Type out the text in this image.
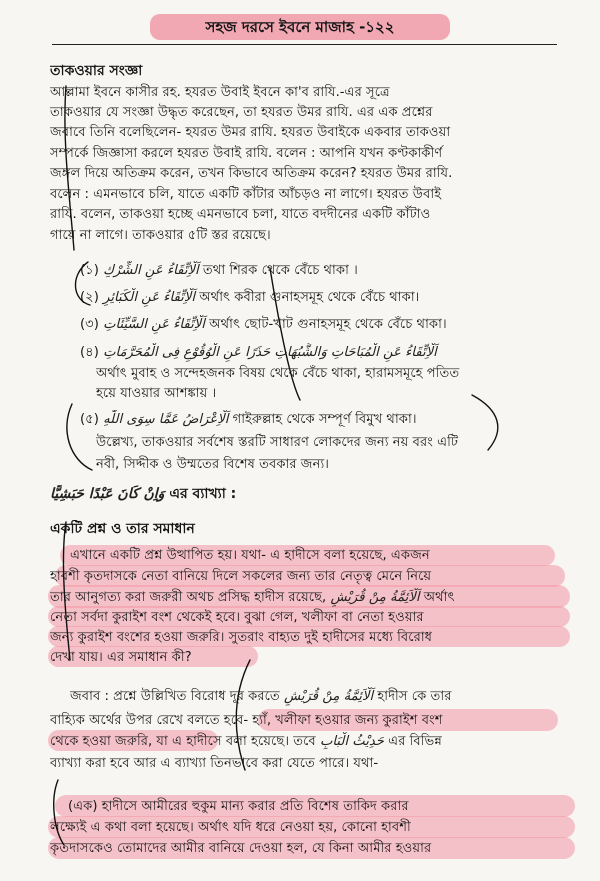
সহজ দরসে ইবনে মাজাহ -১২২
তাকওয়ার সংজ্ঞা
আল্লামা ইবনে কাসীর রহ. হযরত উবাই ইবনে কা'ব রাযি.-এর সূত্রে
তাকওয়ার যে সংজ্ঞা উদ্ধৃত করেছেন, তা হযরত উমর রাযি. এর এক প্রশ্নের
জবাবে তিনি বলেছিলেন- হযরত উমর রাযি. হযরত উবাইকে একবার তাকওয়া
সম্পর্কে জিজ্ঞাসা করলে হযরত উবাই রাযি. বলেন : আপনি যখন কণ্টকাকীর্ণ
জঙ্গল দিয়ে অতিক্রম করেন, তখন কিভাবে অতিক্রম করেন? হযরত উমর রাযি.
বলেন : এমনভাবে চলি, যাতে একটি কাঁটার আঁচড়ও না লাগে। হযরত উবাই
রাযি. বলেন, তাকওয়া হচ্ছে এমনভাবে চলা, যাতে বদদীনের একটি কাঁটাও
গায়ে না লাগে। তাকওয়ার ৫টি স্তর রয়েছে।
(১) اَلْاِتِّقَاءُ عَنِ الشِّرْكِ তথা শিরক থেকে বেঁচে থাকা ।
(২) اَلْاِتِّقَاءُ عَنِ الْكَبَائِرِ অর্থাৎ কবীরা গুনাহসমূহ থেকে বেঁচে থাকা।
(৩) اَلْاِتِّقَاءُ عَنِ السَّيِّئَاتِ অর্থাৎ ছোট-খাট গুনাহসমূহ থেকে বেঁচে থাকা।
(৪) اَلْاِتِّقَاءُ عَنِ الْمُبَاحَاتِ وَالشُّبُهَاتِ حَذَرًا عَنِ الْوُقُوْعِ فِى الْمُحَرَّمَاتِ
অর্থাৎ মুবাহ ও সন্দেহজনক বিষয় থেকে বেঁচে থাকা, হারামসমূহে পতিত
হয়ে যাওয়ার আশঙ্কায় ।
(৫) اَلْاِعْرَاضُ عَمَّا سِوَى اللّٰهِ গাইরুল্লাহ থেকে সম্পূর্ণ বিমুখ থাকা।
উল্লেখ্য, তাকওয়ার সর্বশেষ স্তরটি সাধারণ লোকদের জন্য নয় বরং এটি
নবী, সিদ্দীক ও উম্মতের বিশেষ তবকার জন্য।
وَاِنْ كَانَ عَبْدًا حَبَشِيًّا এর ব্যাখ্যা :
একটি প্রশ্ন ও তার সমাধান
এখানে একটি প্রশ্ন উত্থাপিত হয়। যথা- এ হাদীসে বলা হয়েছে, একজন
হাবশী কৃতদাসকে নেতা বানিয়ে দিলে সকলের জন্য তার নেতৃত্ব মেনে নিয়ে
তার আনুগত্য করা জরুরী অথচ প্রসিদ্ধ হাদীস রয়েছে, اَلْاَئِمَّةُ مِنْ قُرَيْشٍ অর্থাৎ
নেতা সর্বদা কুরাইশ বংশ থেকেই হবে। বুঝা গেল, খলীফা বা নেতা হওয়ার
জন্য কুরাইশ বংশের হওয়া জরুরি। সুতরাং বাহ্যত দুই হাদীসের মধ্যে বিরোধ
দেখা যায়। এর সমাধান কী?
জবাব : প্রশ্নে উল্লিখিত বিরোধ দূর করতে اَلْاَئِمَّةُ مِنْ قُرَيْشٍ হাদীস কে তার
বাহ্যিক অর্থের উপর রেখে বলতে হবে- হ্যাঁ, খলীফা হওয়ার জন্য কুরাইশ বংশ
থেকে হওয়া জরুরি, যা এ হাদীসে বলা হয়েছে। তবে حَدِيْثُ الْبَابِ এর বিভিন্ন
ব্যাখ্যা করা হবে আর এ ব্যাখ্যা তিনভাবে করা যেতে পারে। যথা-
(এক) হাদীসে আমীরের হুকুম মান্য করার প্রতি বিশেষ তাকিদ করার
লক্ষ্যেই এ কথা বলা হয়েছে। অর্থাৎ যদি ধরে নেওয়া হয়, কোনো হাবশী
কৃতদাসকেও তোমাদের আমীর বানিয়ে দেওয়া হল, যে কিনা আমীর হওয়ার
